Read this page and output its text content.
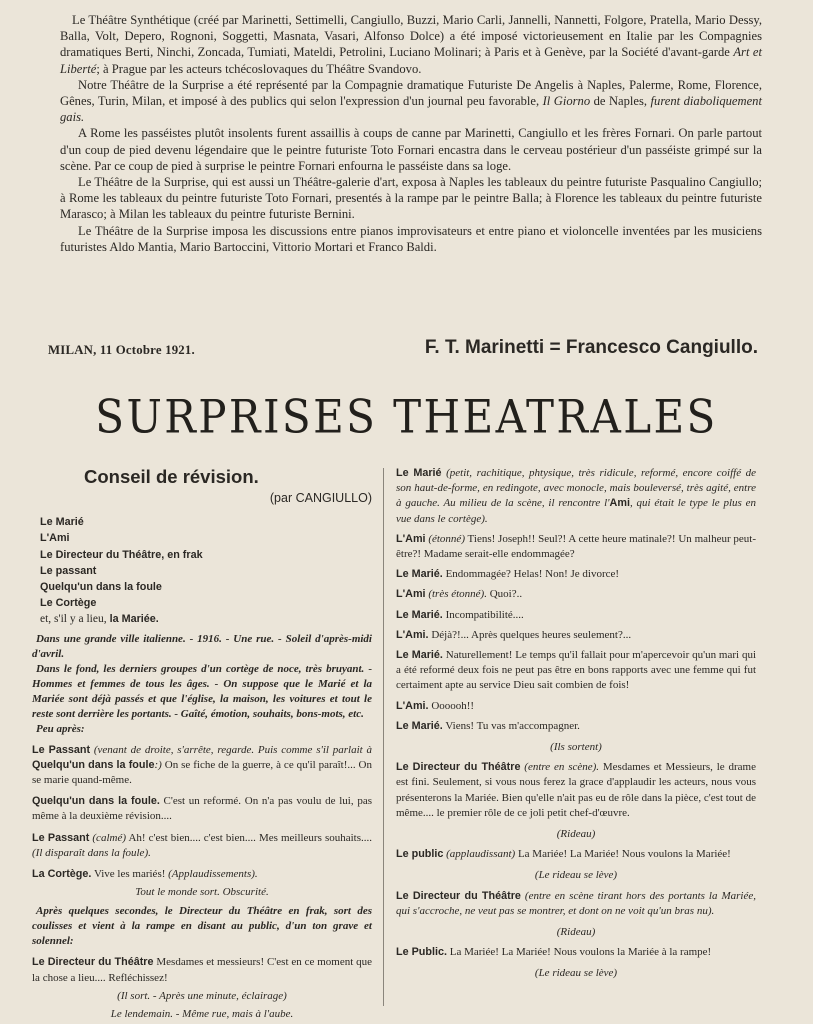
Le Théâtre Synthétique (créé par Marinetti, Settimelli, Cangiullo, Buzzi, Mario Carli, Jannelli, Nannetti, Folgore, Pratella, Mario Dessy, Balla, Volt, Depero, Rognoni, Soggetti, Masnata, Vasari, Alfonso Dolce) a été imposé victorieusement en Italie par les Compagnies dramatiques Berti, Ninchi, Zoncada, Tumiati, Mateldi, Petrolini, Luciano Molinari; à Paris et à Genève, par la Société d'avant-garde Art et Liberté; à Prague par les acteurs tchécoslovaques du Théâtre Svandovo.

Notre Théâtre de la Surprise a été représenté par la Compagnie dramatique Futuriste De Angelis à Naples, Palerme, Rome, Florence, Gênes, Turin, Milan, et imposé à des publics qui selon l'expression d'un journal peu favorable, Il Giorno de Naples, furent diaboliquement gais.

A Rome les passéistes plutôt insolents furent assaillis à coups de canne par Marinetti, Cangiullo et les frères Fornari. On parle partout d'un coup de pied devenu légendaire que le peintre futuriste Toto Fornari encastra dans le cerveau postérieur d'un passéiste grimpé sur la scène. Par ce coup de pied à surprise le peintre Fornari enfourna le passéiste dans sa loge.

Le Théâtre de la Surprise, qui est aussi un Théâtre-galerie d'art, exposa à Naples les tableaux du peintre futuriste Pasqualino Cangiullo; à Rome les tableaux du peintre futuriste Toto Fornari, presentés à la rampe par le peintre Balla; à Florence les tableaux du peintre futuriste Marasco; à Milan les tableaux du peintre futuriste Bernini.

Le Théâtre de la Surprise imposa les discussions entre pianos improvisateurs et entre piano et violoncelle inventées par les musiciens futuristes Aldo Mantia, Mario Bartoccini, Vittorio Mortari et Franco Baldi.

MILAN, 11 Octobre 1921.	F. T. Marinetti = Francesco Cangiullo.
SURPRISES THEATRALES
Conseil de révision.
(par CANGIULLO)
Le Marié
L'Ami
Le Directeur du Théâtre, en frak
Le passant
Quelqu'un dans la foule
Le Cortège
et, s'il y a lieu, la Mariée.

Dans une grande ville italienne. - 1916. - Une rue. - Soleil d'après-midi d'avril.

Dans le fond, les derniers groupes d'un cortège de noce, très bruyant. - Hommes et femmes de tous les âges. - On suppose que le Marié et la Mariée sont déjà passés et que l'église, la maison, les voitures et tout le reste sont derrière les portants. - Gaîté, émotion, souhaits, bons-mots, etc.

Peu après:

Le Passant (venant de droite, s'arrête, regarde. Puis comme s'il parlait à Quelqu'un dans la foule:) On se fiche de la guerre, à ce qu'il paraît!... On se marie quand-même.

Quelqu'un dans la foule. C'est un reformé. On n'a pas voulu de lui, pas même à la deuxième révision....

Le Passant (calmé) Ah! c'est bien.... c'est bien.... Mes meilleurs souhaits.... (Il disparaît dans la foule).

La Cortège. Vive les mariés! (Applaudissements).

Tout le monde sort. Obscurité.

Après quelques secondes, le Directeur du Théâtre en frak, sort des coulisses et vient à la rampe en disant au public, d'un ton grave et solennel:

Le Directeur du Théâtre Mesdames et messieurs! C'est en ce moment que la chose a lieu.... Refléchissez!

(Il sort. - Après une minute, éclairage)

Le lendemain. - Même rue, mais à l'aube.

Le Marié (petit, rachitique, phtysique, très ridicule, reformé, encore coiffé de son haut-de-forme, en redingote, avec monocle, mais bouleversé, très agité, entre à gauche. Au milieu de la scène, il rencontre l'Ami, qui était le type le plus en vue dans le cortège).

L'Ami (étonné) Tiens! Joseph!! Seul?! A cette heure matinale?! Un malheur peut-être?! Madame serait-elle endommagée?

Le Marié. Endommagée? Helas! Non! Je divorce!

L'Ami (très étonné). Quoi?..

Le Marié. Incompatibilité....

L'Ami. Déjà?!... Après quelques heures seulement?...

Le Marié. Naturellement! Le temps qu'il fallait pour m'apercevoir qu'un mari qui a été reformé deux fois ne peut pas être en bons rapports avec une femme qui fut certaiment apte au service Dieu sait combien de fois!

L'Ami. Oooooh!!

Le Marié. Viens! Tu vas m'accompagner.

(Ils sortent)

Le Directeur du Théâtre (entre en scène). Mesdames et Messieurs, le drame est fini. Seulement, si vous nous ferez la grace d'applaudir les acteurs, nous vous présenterons la Mariée. Bien qu'elle n'ait pas eu de rôle dans la pièce, c'est tout de même.... le premier rôle de ce joli petit chef-d'œuvre.

(Rideau)

Le public (applaudissant) La Mariée! La Mariée! Nous voulons la Mariée!

(Le rideau se lève)

Le Directeur du Théâtre (entre en scène tirant hors des portants la Mariée, qui s'accroche, ne veut pas se montrer, et dont on ne voit qu'un bras nu).

(Rideau)

Le Public. La Mariée! La Mariée! Nous voulons la Mariée à la rampe!

(Le rideau se lève)
